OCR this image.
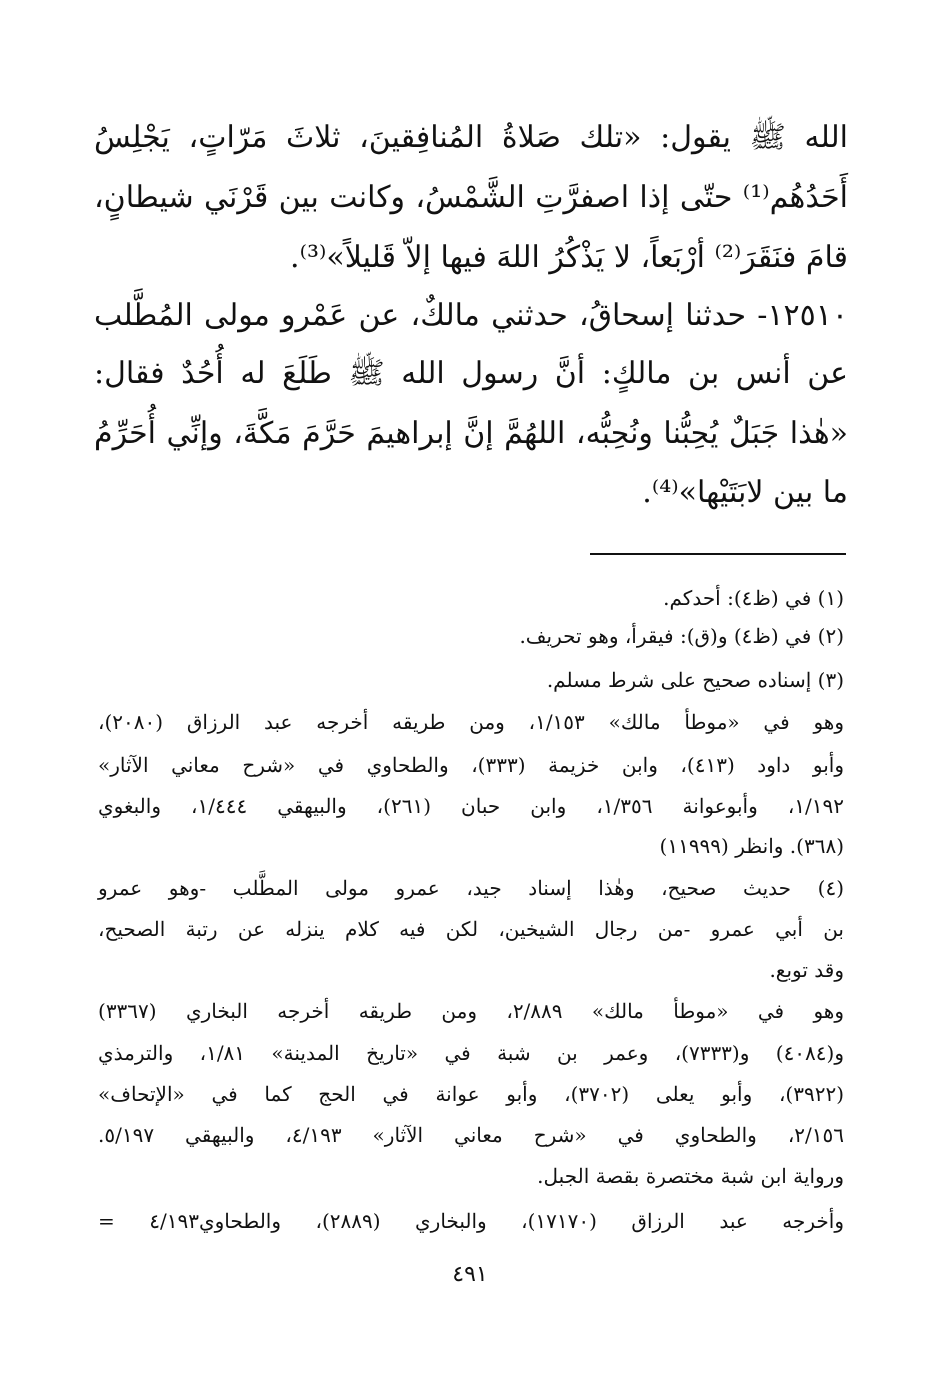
الله ﷺ يقول: «تلك صَلاةُ المُنافِقينَ، ثلاثَ مَرّاتٍ، يَجْلِسُ
أَحَدُهُم⁽¹⁾ حتّى إذا اصفرَّتِ الشَّمْسُ، وكانت بين قَرْنَي شيطانٍ،
قامَ فنَقَرَ⁽²⁾ أرْبَعاً، لا يَذْكُرُ اللهَ فيها إلاّ قَليلاً»⁽³⁾.
١٢٥١٠- حدثنا إسحاقُ، حدثني مالكٌ، عن عَمْرو مولى المُطَّلب
عن أنس بن مالكٍ: أنَّ رسول الله ﷺ طَلَعَ له أُحُدٌ فقال:
«هٰذا جَبَلٌ يُحِبُّنا ونُحِبُّه، اللهُمَّ إنَّ إبراهيمَ حَرَّمَ مَكَّةَ، وإنِّي أُحَرِّمُ
ما بين لابَتَيْها»⁽⁴⁾.
(١) في (ظ٤): أحدكم.
(٢) في (ظ٤) و(ق): فيقرأ، وهو تحريف.
(٣) إسناده صحيح على شرط مسلم.
وهو في «موطأ مالك» ١/١٥٣، ومن طريقه أخرجه عبد الرزاق (٢٠٨٠)،
وأبو داود (٤١٣)، وابن خزيمة (٣٣٣)، والطحاوي في «شرح معاني الآثار»
١/١٩٢، وأبوعوانة ١/٣٥٦، وابن حبان (٢٦١)، والبيهقي ١/٤٤٤، والبغوي
(٣٦٨). وانظر (١١٩٩٩)
(٤) حديث صحيح، وهٰذا إسناد جيد، عمرو مولى المطَّلب -وهو عمرو
بن أبي عمرو -من رجال الشيخين، لكن فيه كلام ينزله عن رتبة الصحيح،
وقد توبع.
وهو في «موطأ مالك» ٢/٨٨٩، ومن طريقه أخرجه البخاري (٣٣٦٧)
و(٤٠٨٤) و(٧٣٣٣)، وعمر بن شبة في «تاريخ المدينة» ١/٨١، والترمذي
(٣٩٢٢)، وأبو يعلى (٣٧٠٢)، وأبو عوانة في الحج كما في «الإتحاف»
٢/١٥٦، والطحاوي في «شرح معاني الآثار» ٤/١٩٣، والبيهقي ٥/١٩٧.
ورواية ابن شبة مختصرة بقصة الجبل.
وأخرجه عبد الرزاق (١٧١٧٠)، والبخاري (٢٨٨٩)، والطحاوي٤/١٩٣ =
٤٩١
